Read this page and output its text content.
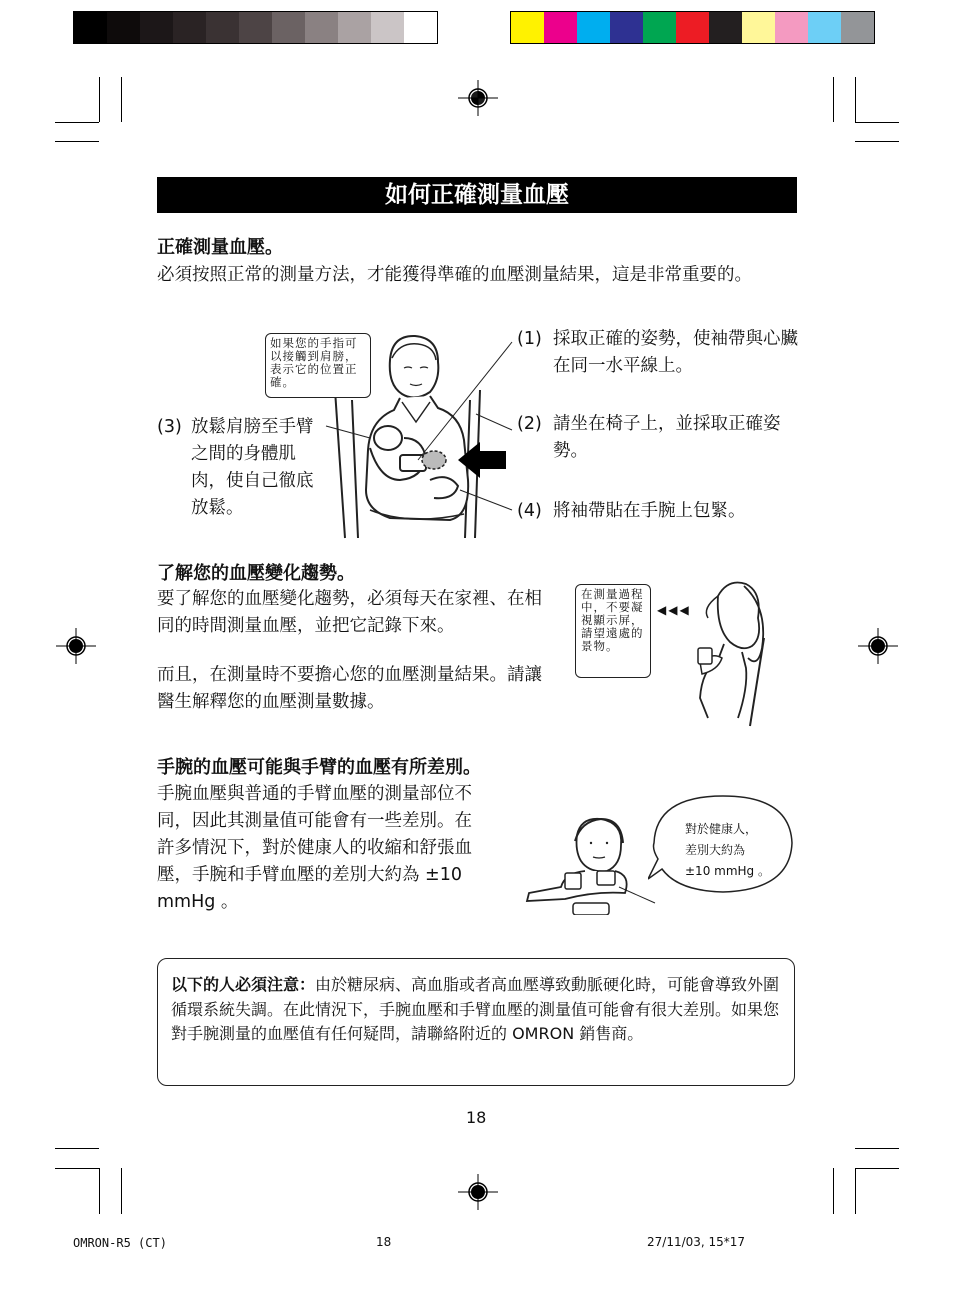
如何正確測量血壓
正確測量血壓。
必須按照正常的測量方法，才能獲得準確的血壓測量結果，這是非常重要的。
如果您的手指可以接觸到肩膀，表示它的位置正確。
(1) 採取正確的姿勢，使袖帶與心臟在同一水平線上。
(2) 請坐在椅子上，並採取正確姿勢。
(4) 將袖帶貼在手腕上包緊。
(3) 放鬆肩膀至手臂之間的身體肌肉，使自己徹底放鬆。
了解您的血壓變化趨勢。
要了解您的血壓變化趨勢，必須每天在家裡、在相同的時間測量血壓，並把它記錄下來。
而且，在測量時不要擔心您的血壓測量結果。請讓醫生解釋您的血壓測量數據。
在測量過程中，不要凝視顯示屏，請望遠處的景物。
◀◀◀
手腕的血壓可能與手臂的血壓有所差別。
手腕血壓與普通的手臂血壓的測量部位不同，因此其測量值可能會有一些差別。在許多情況下，對於健康人的收縮和舒張血壓，手腕和手臂血壓的差別大約為 ±10 mmHg 。
對於健康人，
差別大約為
±10 mmHg 。
以下的人必須注意：由於糖尿病、高血脂或者高血壓導致動脈硬化時，可能會導致外圍循環系統失調。在此情況下，手腕血壓和手臂血壓的測量值可能會有很大差別。如果您對手腕測量的血壓值有任何疑問，請聯絡附近的 OMRON 銷售商。
18
OMRON-R5 (CT)	18	27/11/03, 15*17
